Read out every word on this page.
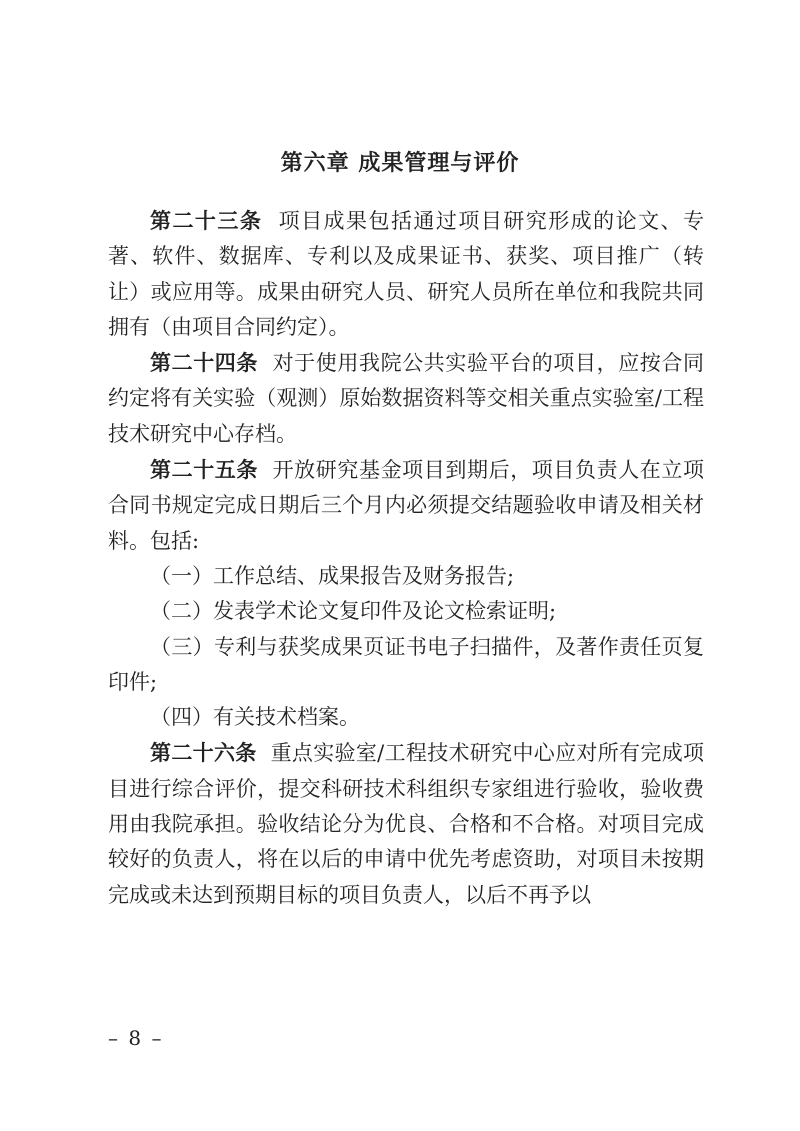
第六章 成果管理与评价

第二十三条 项目成果包括通过项目研究形成的论文、专著、软件、数据库、专利以及成果证书、获奖、项目推广（转让）或应用等。成果由研究人员、研究人员所在单位和我院共同拥有（由项目合同约定）。

第二十四条 对于使用我院公共实验平台的项目，应按合同约定将有关实验（观测）原始数据资料等交相关重点实验室/工程技术研究中心存档。

第二十五条 开放研究基金项目到期后，项目负责人在立项合同书规定完成日期后三个月内必须提交结题验收申请及相关材料。包括:

（一）工作总结、成果报告及财务报告;

（二）发表学术论文复印件及论文检索证明;

（三）专利与获奖成果页证书电子扫描件，及著作责任页复印件;

（四）有关技术档案。

第二十六条 重点实验室/工程技术研究中心应对所有完成项目进行综合评价，提交科研技术科组织专家组进行验收，验收费用由我院承担。验收结论分为优良、合格和不合格。对项目完成较好的负责人，将在以后的申请中优先考虑资助，对项目未按期完成或未达到预期目标的项目负责人，以后不再予以

– 8 –
